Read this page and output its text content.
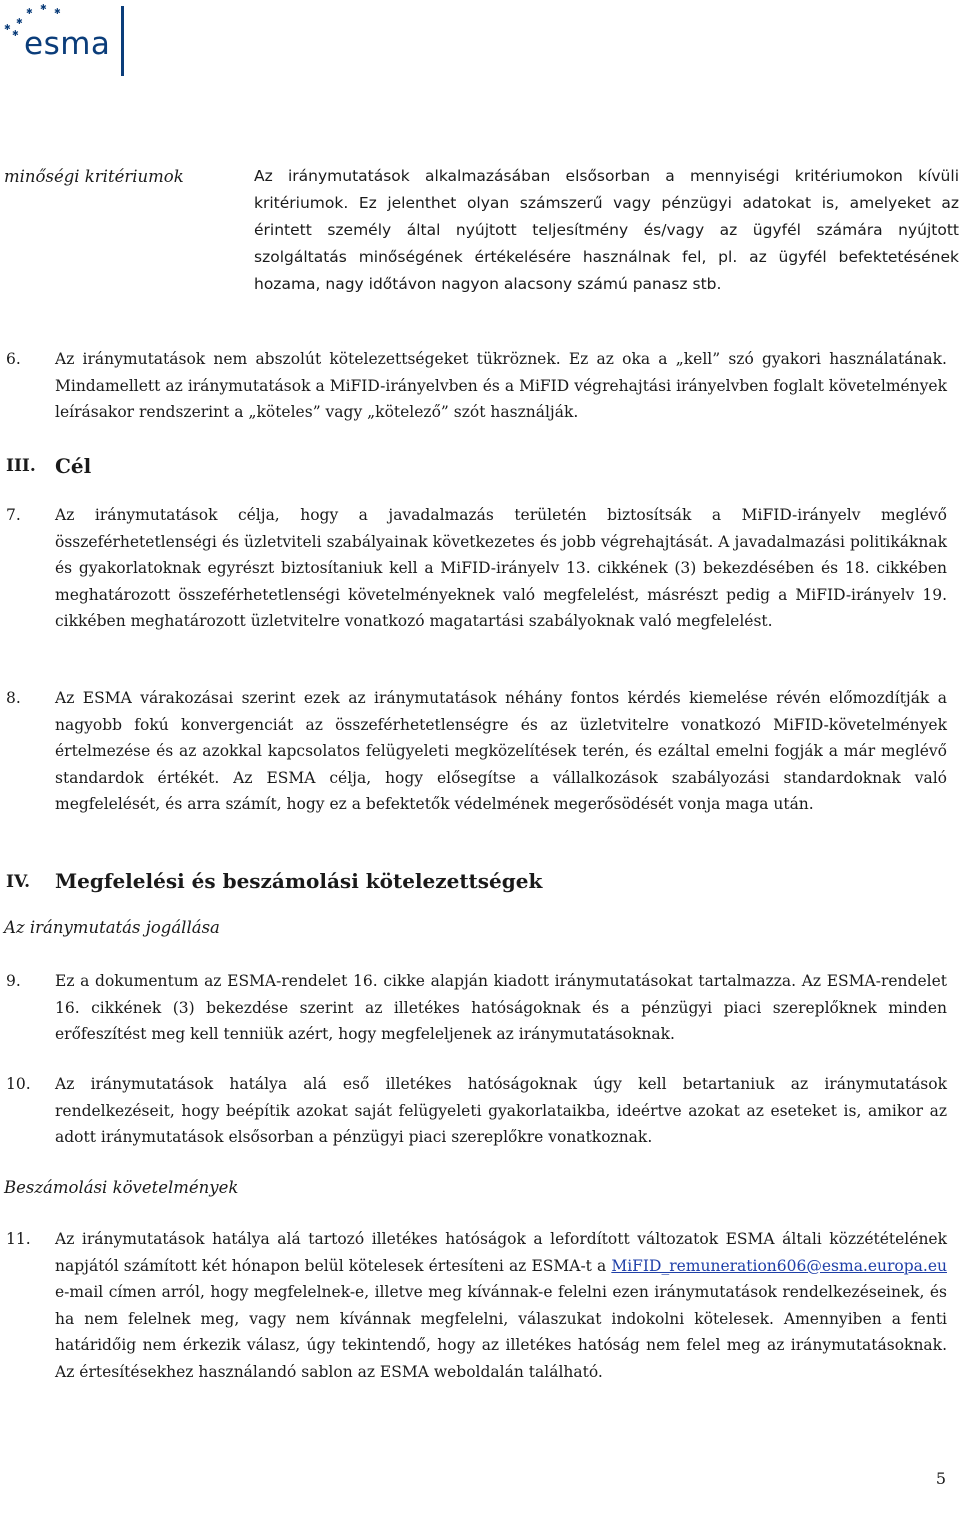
✱
✱	✱
✱
✱
✱ esma
minőségi kritériumok	Az iránymutatások alkalmazásában elsősorban a mennyiségi kritériumokon kívüli kritériumok. Ez jelenthet olyan számszerű vagy pénzügyi adatokat is, amelyeket az érintett személy által nyújtott teljesítmény és/vagy az ügyfél számára nyújtott szolgáltatás minőségének értékelésére használnak fel, pl. az ügyfél befektetésének hozama, nagy időtávon nagyon alacsony számú panasz stb.
6. Az iránymutatások nem abszolút kötelezettségeket tükröznek. Ez az oka a „kell” szó gyakori használatának. Mindamellett az iránymutatások a MiFID-irányelvben és a MiFID végrehajtási irányelvben foglalt követelmények leírásakor rendszerint a „köteles” vagy „kötelező” szót használják.
III. Cél
7. Az iránymutatások célja, hogy a javadalmazás területén biztosítsák a MiFID-irányelv meglévő összeférhetetlenségi és üzletviteli szabályainak következetes és jobb végrehajtását. A javadalmazási politikáknak és gyakorlatoknak egyrészt biztosítaniuk kell a MiFID-irányelv 13. cikkének (3) bekezdésében és 18. cikkében meghatározott összeférhetetlenségi követelményeknek való megfelelést, másrészt pedig a MiFID-irányelv 19. cikkében meghatározott üzletvitelre vonatkozó magatartási szabályoknak való megfelelést.
8. Az ESMA várakozásai szerint ezek az iránymutatások néhány fontos kérdés kiemelése révén előmozdítják a nagyobb fokú konvergenciát az összeférhetetlenségre és az üzletvitelre vonatkozó MiFID-követelmények értelmezése és az azokkal kapcsolatos felügyeleti megközelítések terén, és ezáltal emelni fogják a már meglévő standardok értékét. Az ESMA célja, hogy elősegítse a vállalkozások szabályozási standardoknak való megfelelését, és arra számít, hogy ez a befektetők védelmének megerősödését vonja maga után.
IV. Megfelelési és beszámolási kötelezettségek
Az iránymutatás jogállása
9. Ez a dokumentum az ESMA-rendelet 16. cikke alapján kiadott iránymutatásokat tartalmazza. Az ESMA-rendelet 16. cikkének (3) bekezdése szerint az illetékes hatóságoknak és a pénzügyi piaci szereplőknek minden erőfeszítést meg kell tenniük azért, hogy megfeleljenek az iránymutatásoknak.
10. Az iránymutatások hatálya alá eső illetékes hatóságoknak úgy kell betartaniuk az iránymutatások rendelkezéseit, hogy beépítik azokat saját felügyeleti gyakorlataikba, ideértve azokat az eseteket is, amikor az adott iránymutatások elsősorban a pénzügyi piaci szereplőkre vonatkoznak.
Beszámolási követelmények
11. Az iránymutatások hatálya alá tartozó illetékes hatóságok a lefordított változatok ESMA általi közzétételének napjától számított két hónapon belül kötelesek értesíteni az ESMA-t a MiFID_remuneration606@esma.europa.eu e-mail címen arról, hogy megfelelnek-e, illetve meg kívánnak-e felelni ezen iránymutatások rendelkezéseinek, és ha nem felelnek meg, vagy nem kívánnak megfelelni, válaszukat indokolni kötelesek. Amennyiben a fenti határidőig nem érkezik válasz, úgy tekintendő, hogy az illetékes hatóság nem felel meg az iránymutatásoknak. Az értesítésekhez használandó sablon az ESMA weboldalán található.
5
